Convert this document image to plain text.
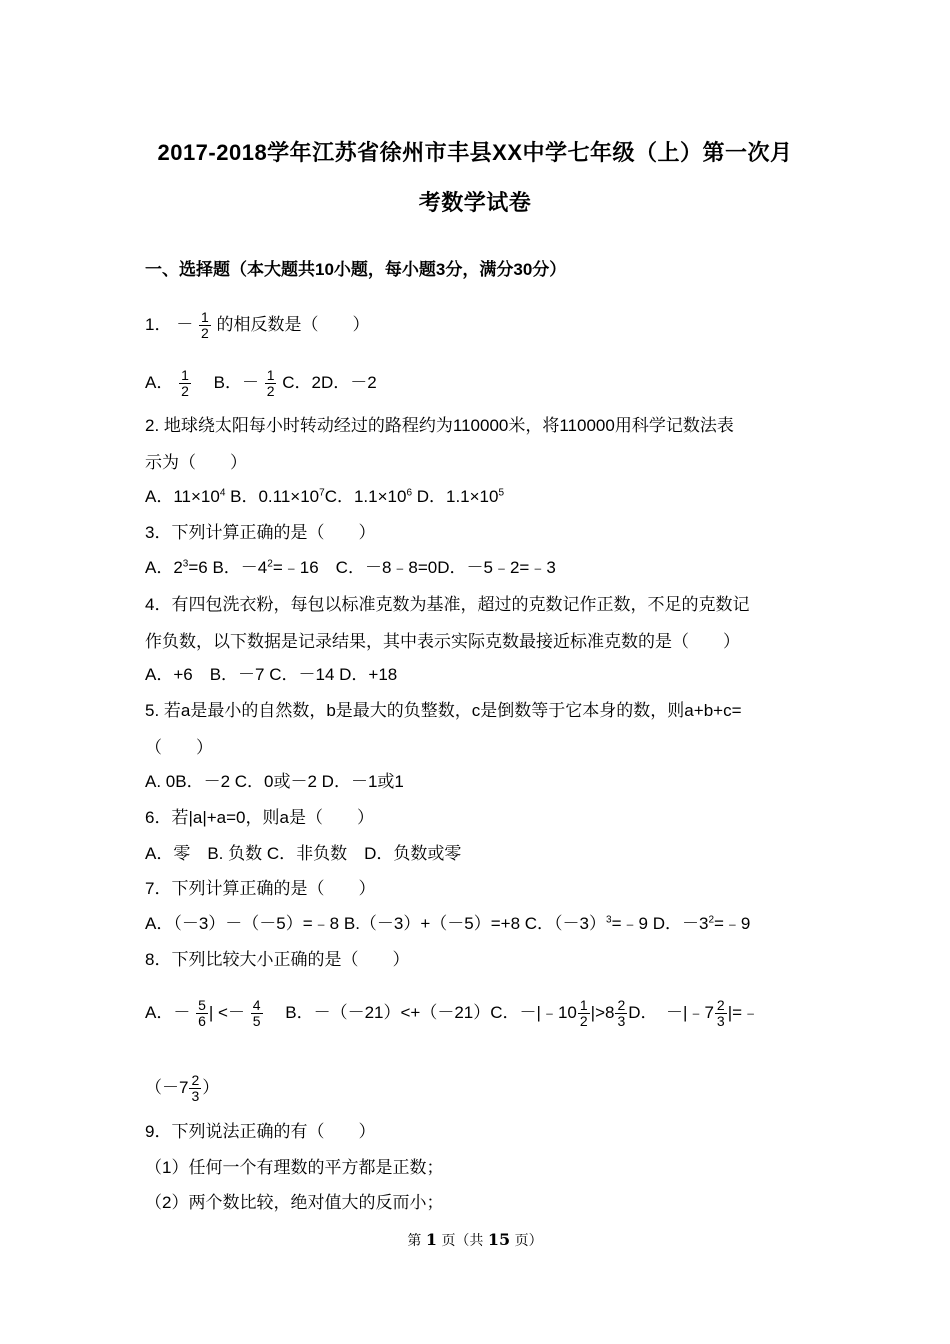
2017-2018学年江苏省徐州市丰县XX中学七年级（上）第一次月
考数学试卷
一、选择题（本大题共10小题，每小题3分，满分30分）
1． － $\frac{1}{2}$ 的相反数是（　　）
A． $\frac{1}{2}$ 　B．－ $\frac{1}{2}$ C．2D．－2
2. 地球绕太阳每小时转动经过的路程约为110000米，将110000用科学记数法表
示为（　　）
A．$11\times 10^4$ B．$0.11\times 10^7C$．$1.1\times 10^6$ D．$1.1\times 10^5$
3．下列计算正确的是（　　）
A．$2^3=6$ B．$-4^2=﹣16$　C．－8﹣8=0D．－5﹣2=﹣3
4．有四包洗衣粉，每包以标准克数为基准，超过的克数记作正数，不足的克数记
作负数，以下数据是记录结果，其中表示实际克数最接近标准克数的是（　　）
A．+6　B．－7 C．－14 D．+18
5. 若a是最小的自然数，b是最大的负整数，c是倒数等于它本身的数，则a+b+c=
（　　）
A. 0B．－2 C．0或－2 D．－1或1
6．若|a|+a=0，则a是（　　）
A．零　B. 负数 C．非负数　D．负数或零
7．下列计算正确的是（　　）
A．（－3）－（－5）=﹣8 B.（－3）+（－5）=+8 C．$(-3)^3=﹣9$ D．$-3^2=﹣9$
8．下列比较大小正确的是（　　）
A．－ $\frac{5}{6}$ | <－ $\frac{4}{5}$ 　B．－（－21）<+（－21）C．－|﹣10 $\frac{1}{2} |>8 \frac{2}{3}$ D．　－|﹣7 $\frac{2}{3}$ |=﹣
（$-7 \frac{2}{3}$ ）
9．下列说法正确的有（　　）
（1）任何一个有理数的平方都是正数；
（2）两个数比较，绝对值大的反而小；
第 1 页（共 15 页）
